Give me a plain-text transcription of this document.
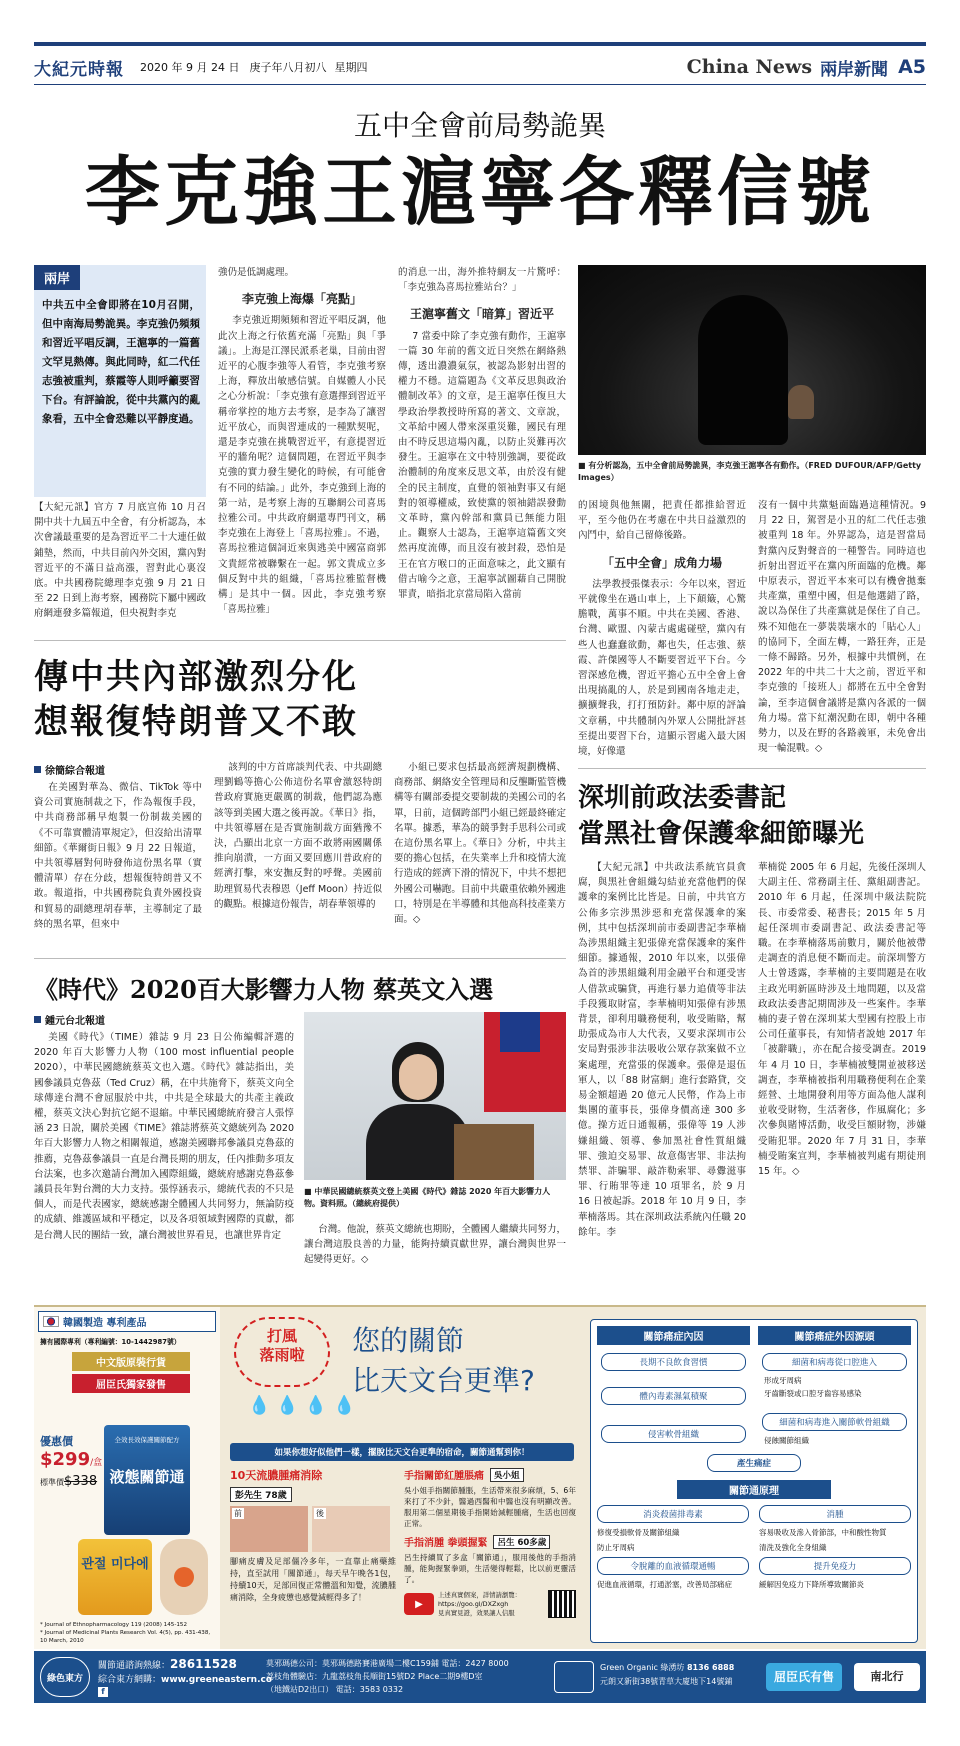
大紀元時報 2020 年 9 月 24 日 庚子年八月初八 星期四	China News 兩岸新聞 A5
五中全會前局勢詭異
李克強王滬寧各釋信號
兩岸
中共五中全會即將在10月召開，但中南海局勢詭異。李克強仍頻頻和習近平唱反調，王滬寧的一篇舊文罕見熱傳。與此同時，紅二代任志強被重判，蔡霞等人則呼籲要習下台。有評論說，從中共黨內的亂象看，五中全會恐難以平靜度過。
【大紀元訊】官方 7 月底宣佈 10 月召開中共十九屆五中全會，有分析認為，本次會議最重要的是為習近平二十大連任做鋪墊，然而，中共目前內外交困，黨內對習近平的不滿日益高漲，習對此心裏沒底。中共國務院總理李克強 9 月 21 日至 22 日到上海考察，國務院下屬中國政府網連發多篇報道，但央視對李克
強仍是低調處理。
李克強上海爆「亮點」
李克強近期頻頻和習近平唱反調，他此次上海之行依舊充滿「亮點」與「爭議」。上海是江澤民派系老巢，目前由習近平的心腹李強等人看管，李克強考察上海，釋放出敏感信號。自媒體人小民之心分析說：「李克強有意選擇到習近平稱帝掌控的地方去考察，是李為了讓習近平放心，而與習連成的一種默契呢，還是李克強在挑戰習近平，有意提習近平的牆角呢？這個問題，在習近平與李克強的實力發生變化的時候，有可能會有不同的結論。」此外，李克強到上海的第一站，是考察上海的互聯網公司喜馬拉雅公司。中共政府網還專門刊文，稱李克強在上海登上「喜馬拉雅」。不過，喜馬拉雅這個詞近來與逃美中國富商郭文貴經常被聯繫在一起。郭文貴成立多個反對中共的組織，「喜馬拉雅監督機構」是其中一個。因此，李克強考察「喜馬拉雅」
的消息一出，海外推特網友一片驚呼：「李克強為喜馬拉雅站台？」
王滬寧舊文「暗算」習近平
7 當委中除了李克強有動作，王滬寧一篇 30 年前的舊文近日突然在網絡熱傳，透出濃濃氣氛，被認為影射出習的權力不穩。這篇題為《文革反思與政治體制改革》的文章，是王滬寧任復旦大學政治學教授時所寫的著文、文章說，文革給中國人帶來深重災難，國民有理由不時反思這場內亂，以防止災難再次發生。王滬寧在文中特別強調，要從政治體制的角度來反思文革，由於沒有健全的民主制度，直覺的領袖對事又有絕對的領導權威，致使黨的領袖錯誤發動文革時，黨內幹部和黨員已無能力阻止。觀察人士認為，王滬寧這篇舊文突然再度流傳，而且沒有被封殺，恐怕是王在官方喉口的正面意味之，此文顯有借古喻今之意，王滬寧試圖藉自己開脫罪責，暗指北京當局陷入當前
■ 有分析認為，五中全會前局勢詭異，李克強王滬寧各有動作。（FRED DUFOUR/AFP/Getty Images）
的困境與他無關，把責任都推給習近平，至今他仍在考慮在中共日益激烈的內鬥中，給自己留條後路。
「五中全會」成角力場
法學教授張傑表示：今年以來，習近平就像坐在過山車上，上下顛簸，心驚膽戰，萬事不順。中共在美國、香港、台灣、歐盟、內蒙古處處碰壁，黨內有些人也蠢蠢欲動，鄰也失，任志強、蔡霞、許傑國等人不斷要習近平下台。今習深感危機，習近平擔心五中全會上會出現搞亂的人，於是到國南各地走走，擴擴聲我，打打預防針。鄰中原的評論文章稱，中共體制內外眾人公開批評甚至提出要習下台，這顯示習處入最大困境，好像還
沒有一個中共黨魁面臨過這種情況。9 月 22 日，駕習是小丑的紅二代任志強被重判 18 年。外界認為，這是習當局對黨內反對聲音的一種警告。同時這也折射出習近平在黨內所面臨的危機。鄰中原表示，習近平本來可以有機會拋棄共產黨，重塑中國，但是他選錯了路，說以為保住了共產黨就是保住了自己。殊不知他在一夢裝裝壞水的「貼心人」的協同下，全面左轉，一路狂奔，正是一條不歸路。另外，根據中共慣例，在 2022 年的中共二十大之前，習近平和李克強的「接班人」都將在五中全會對論，至李這個會議將是黨內各派的一個角力場。當下紅潮況動在即，朝中各種勢力，以及在野的各路義軍，未免會出現一輪混戰。◇
傳中共內部激烈分化
想報復特朗普又不敢
徐簡綜合報道
在美國對華為、微信、TikTok 等中資公司實施制裁之下，作為報復手段，中共商務部稱早炮製一份制裁美國的《不可靠實體清單規定》，但沒給出清單細節。《華爾街日報》9 月 22 日報道，中共領導層對何時發佈這份黑名單（實體清單）存在分歧，想報復特朗普又不敢。報道指，中共國務院負責外國投資和貿易的副總理胡春華，主導制定了最終的黑名單，但來中
該判的中方首席談判代表、中共副總理劉鶴等擔心公佈這份名單會激怒特朗普政府實施更嚴厲的制裁，他們認為應該等到美國大選之後再說。《華日》指，中共領導層在是否實施制裁方面猶豫不決，凸顯出北京一方面不敢將兩國關係推向崩潰，一方面又要回應川普政府的經濟打擊，來安撫反對的呼聲。美國前助理貿易代表穆恩（Jeff Moon）持近似的觀點。根據這份報告，胡春華領導的
小組已要求包括最高經濟規劃機構、商務部、網絡安全管理局和反壟斷監管機構等有關部委提交要制裁的美國公司的名單，日前，這個跨部門小組已經最終確定名單。據悉，華為的競爭對手思科公司或在這份黑名單上。《華日》分析，中共主要的擔心包括，在失業率上升和疫情大流行造成的經濟下滑的情況下，中共不想把外國公司嚇跑。目前中共嚴重依賴外國進口，特別是在半導體和其他高科技產業方面。◇
《時代》2020百大影響力人物 蔡英文入選
鍾元台北報道
美國《時代》（TIME）雜誌 9 月 23 日公佈編輯評選的 2020 年百大影響力人物（100 most influential people 2020），中華民國總統蔡英文也入選。《時代》雜誌指出，美國參議員克魯茲（Ted Cruz）稱，在中共施脅下，蔡英文向全球傳達台灣不會屈服於中共，中共是全球最大的共產主義政權，蔡英文決心對抗它絕不退縮。中華民國總統府發言人張惇涵 23 日說，關於美國《TIME》雜誌將蔡英文總統列為 2020 年百大影響力人物之相關報道，感謝美國聯邦參議員克魯茲的推薦，克魯茲參議員一直是台灣長期的朋友，任內推動多項友台法案，也多次邀請台灣加入國際組織，總統府感謝克魯茲參議員長年對台灣的大力支持。張惇涵表示，總統代表的不只是個人，而是代表國家，總統感謝全體國人共同努力，無論防疫的成績、維護區域和平穩定，以及各項領域對國際的貢獻，都是台灣人民的團結一致，讓台灣被世界看見，也讓世界肯定
■ 中華民國總統蔡英文登上美國《時代》雜誌 2020 年百大影響力人物。資料照。（總統府提供）
台灣。他說，蔡英文總統也期盼，全體國人繼續共同努力，讓台灣這股良善的力量，能夠持續貢獻世界，讓台灣與世界一起變得更好。◇
深圳前政法委書記
當黑社會保護傘細節曝光
【大紀元訊】中共政法系統官員貪腐，與黑社會組織勾結並充當他們的保護傘的案例比比皆是。日前，中共官方公佈多宗涉黑涉惡和充當保護傘的案例，其中包括深圳前市委副書記李華楠為涉黑組織主犯張偉充當保護傘的案件細節。據通報，2010 年以來，以張偉為首的涉黑組織利用金融平台和運受害人借款或騙貸，再進行暴力追債等非法手段獲取財富，李華楠明知張偉有涉黑背景，卻利用職務便利，收受賄賂，幫助張成為市人大代表，又要求深圳市公安局對張涉非法吸收公眾存款案做不立案處理，充當張的保護傘。張偉是退伍軍人，以「88 財富網」進行套路貸，交易金額超過 20 億元人民幣，作為上市集團的董事長，張偉身價高達 300 多億。操方近日通報稱，張偉等 19 人涉嫌組織、領導、參加黑社會性質組織罪、強迫交易罪、故意傷害罪、非法拘禁罪、詐騙罪、敲詐勒索罪、尋釁滋事罪、行賄罪等達 10 項罪名，於 9 月 16 日被起訴。2018 年 10 月 9 日，李華楠落馬。其在深圳政法系統內任職 20 餘年。李
華楠從 2005 年 6 月起，先後任深圳人大副主任、常務副主任、黨組副書記。2010 年 6 月起，任深圳中級法院院長、市委常委、秘書長；2015 年 5 月起任深圳市委副書記、政法委書記等職。在李華楠落馬前數月，關於他被帶走調查的消息便不斷而走。前深圳警方人士曾透露，李華楠的主要問題是在收主政光明新區時涉及土地問題，以及當政政法委書記期間涉及一些案件。李華楠的妻子曾在深圳某大型國有控股上市公司任董事長，有知情者說她 2017 年「被辭職」，亦在配合接受調查。2019 年 4 月 10 日，李華楠被雙開並被移送調查，李華楠被指利用職務便利在企業經營、土地開發利用等方面為他人謀利並收受財物，生活奢侈，作風腐化；多次參與賭博活動，收受巨額財物，涉嫌受賄犯罪。2020 年 7 月 31 日，李華楠受賄案宣判，李華楠被判處有期徒刑 15 年。◇
韓國製造 專利產品
擁有國際專利（專利編號：10-1442987號）
中文版原裝行貨
屈臣氏獨家發售
優惠價
$299/盒
標準價$338
全效長效保護關節配方
液態關節通
관절 미다에
* Journal of Ethnopharmacology 119 (2008) 145-152
* Journal of Medicinal Plants Research Vol. 4(5), pp. 431-438, 10 March, 2010
打風
落雨啦
💧💧💧💧
您的關節
比天文台更準?
如果你想好似他們一樣，擺脫比天文台更準的宿命，關節通幫到你！
10天流膿腫痛消除
彭先生 78歲
前	後
腳痛皮膚及足部僵冷多年，一直靠止痛藥維持，直至試用「關節通」，每天早午晚各1包，持續10天，足部回復正常體溫和知覺，流膿腫痛消除，全身疲憊也感覺減輕得多了！
手指關節紅腫脹痛	吳小姐
吳小姐手指關節腫脹，生活帶來很多麻煩，5、6年來打了不少針，醫過西醫和中醫也沒有明顯改善。服用第二個星期後手指開始減輕腫痛，生活也回復正常。
手指消腫 拳頭握緊	呂生 60多歲
呂生持續買了多盒「關節通」，服用後他的手指消腫，能夠握緊拳頭，生活變得輕鬆，比以前更靈活了。
▶
上述真實個案，詳情請瀏覽：
https://goo.gl/DXZxgh
見真實見證，效果讓人信服
關節痛症內因
長期不良飲食習慣
體內毒素濕氣積聚
侵害軟骨組織
關節痛症外因源頭
細菌和病毒從口腔進入
形成牙周病
牙齒斷裂或口腔牙齒容易感染
細菌和病毒進入關節軟骨組織
侵蝕關節組織
產生痛症
關節通原理
消炎殺菌排毒素	消腫
修復受損軟骨及關節組織	容易吸收及滲入骨節部，中和酸性物質
防止牙周病	清洗及強化全身組織
令脫離的血液循環通暢	提升免疫力
促進血液循環，打通淤塞，改善局部痛症	緩解因免疫力下降所導致關節炎
綠色東方
關節通諮詢熱線：28611528
綜合東方網購：www.greeneastern.co
f
莫邪瑪德公司：莫邪瑪德路賽港廣場二樓C159鋪 電話：2427 8000
荔枝角體驗店：九龍荔枝角長順街15號D2 Place二期9樓D室
（地鐵站D2出口） 電話：3583 0332
Green Organic 綠湧坊 8136 6888
元朗又新街38號青草大廈地下14號鋪	屈臣氏有售	南北行
